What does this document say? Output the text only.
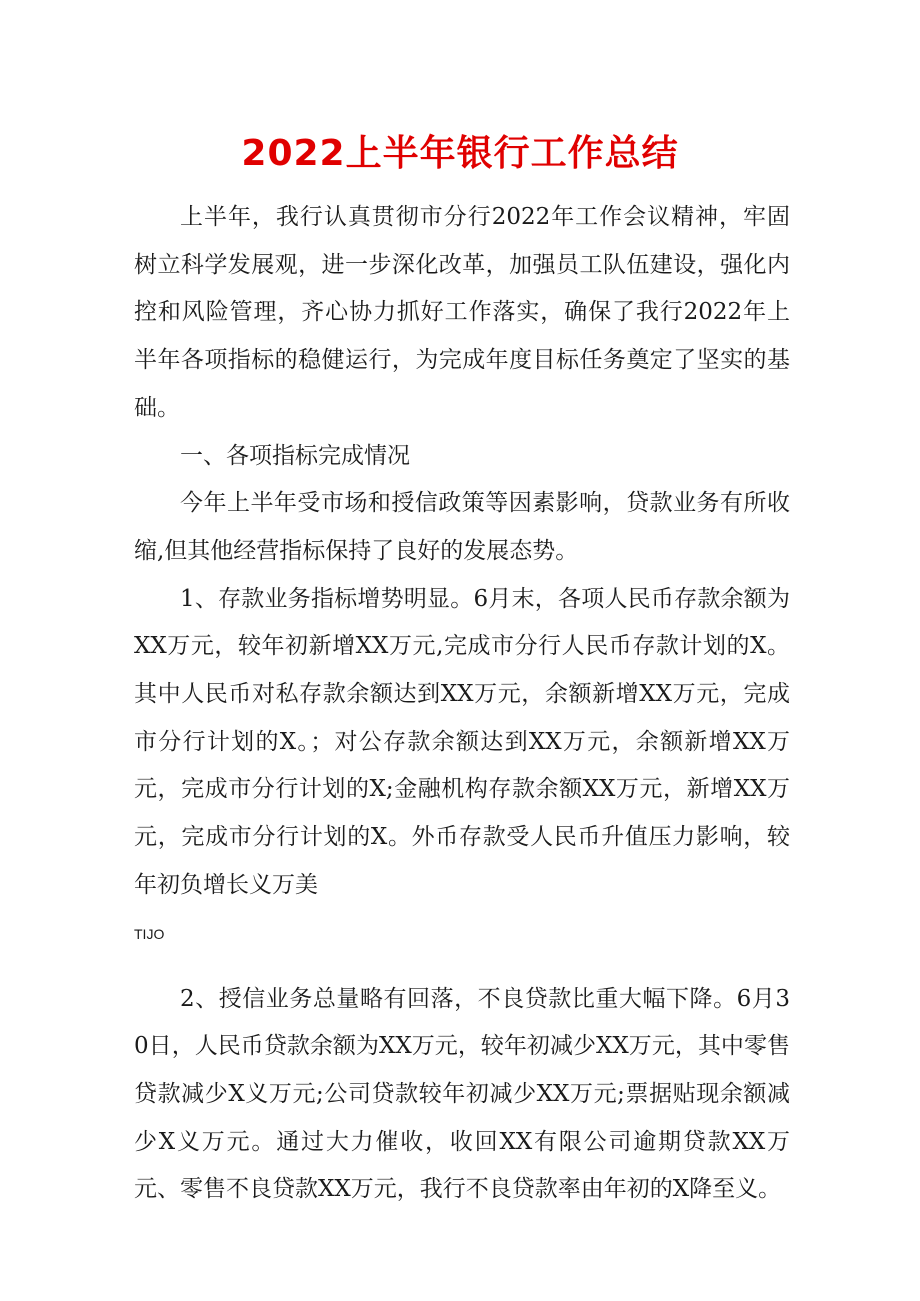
2022上半年银行工作总结

上半年，我行认真贯彻市分行2022年工作会议精神，牢固树立科学发展观，进一步深化改革，加强员工队伍建设，强化内控和风险管理，齐心协力抓好工作落实，确保了我行2022年上半年各项指标的稳健运行，为完成年度目标任务奠定了坚实的基础。

一、各项指标完成情况

今年上半年受市场和授信政策等因素影响，贷款业务有所收缩,但其他经营指标保持了良好的发展态势。

1、存款业务指标增势明显。6月末，各项人民币存款余额为XX万元，较年初新增XX万元,完成市分行人民币存款计划的X。其中人民币对私存款余额达到XX万元，余额新增XX万元，完成市分行计划的X。；对公存款余额达到XX万元，余额新增XX万元，完成市分行计划的X;金融机构存款余额XX万元，新增XX万元，完成市分行计划的X。外币存款受人民币升值压力影响，较年初负增长义万美

TIJO

2、授信业务总量略有回落，不良贷款比重大幅下降。6月30日，人民币贷款余额为XX万元，较年初减少XX万元，其中零售贷款减少X义万元;公司贷款较年初减少XX万元;票据贴现余额减少X义万元。通过大力催收，收回XX有限公司逾期贷款XX万元、零售不良贷款XX万元，我行不良贷款率由年初的X降至义。
